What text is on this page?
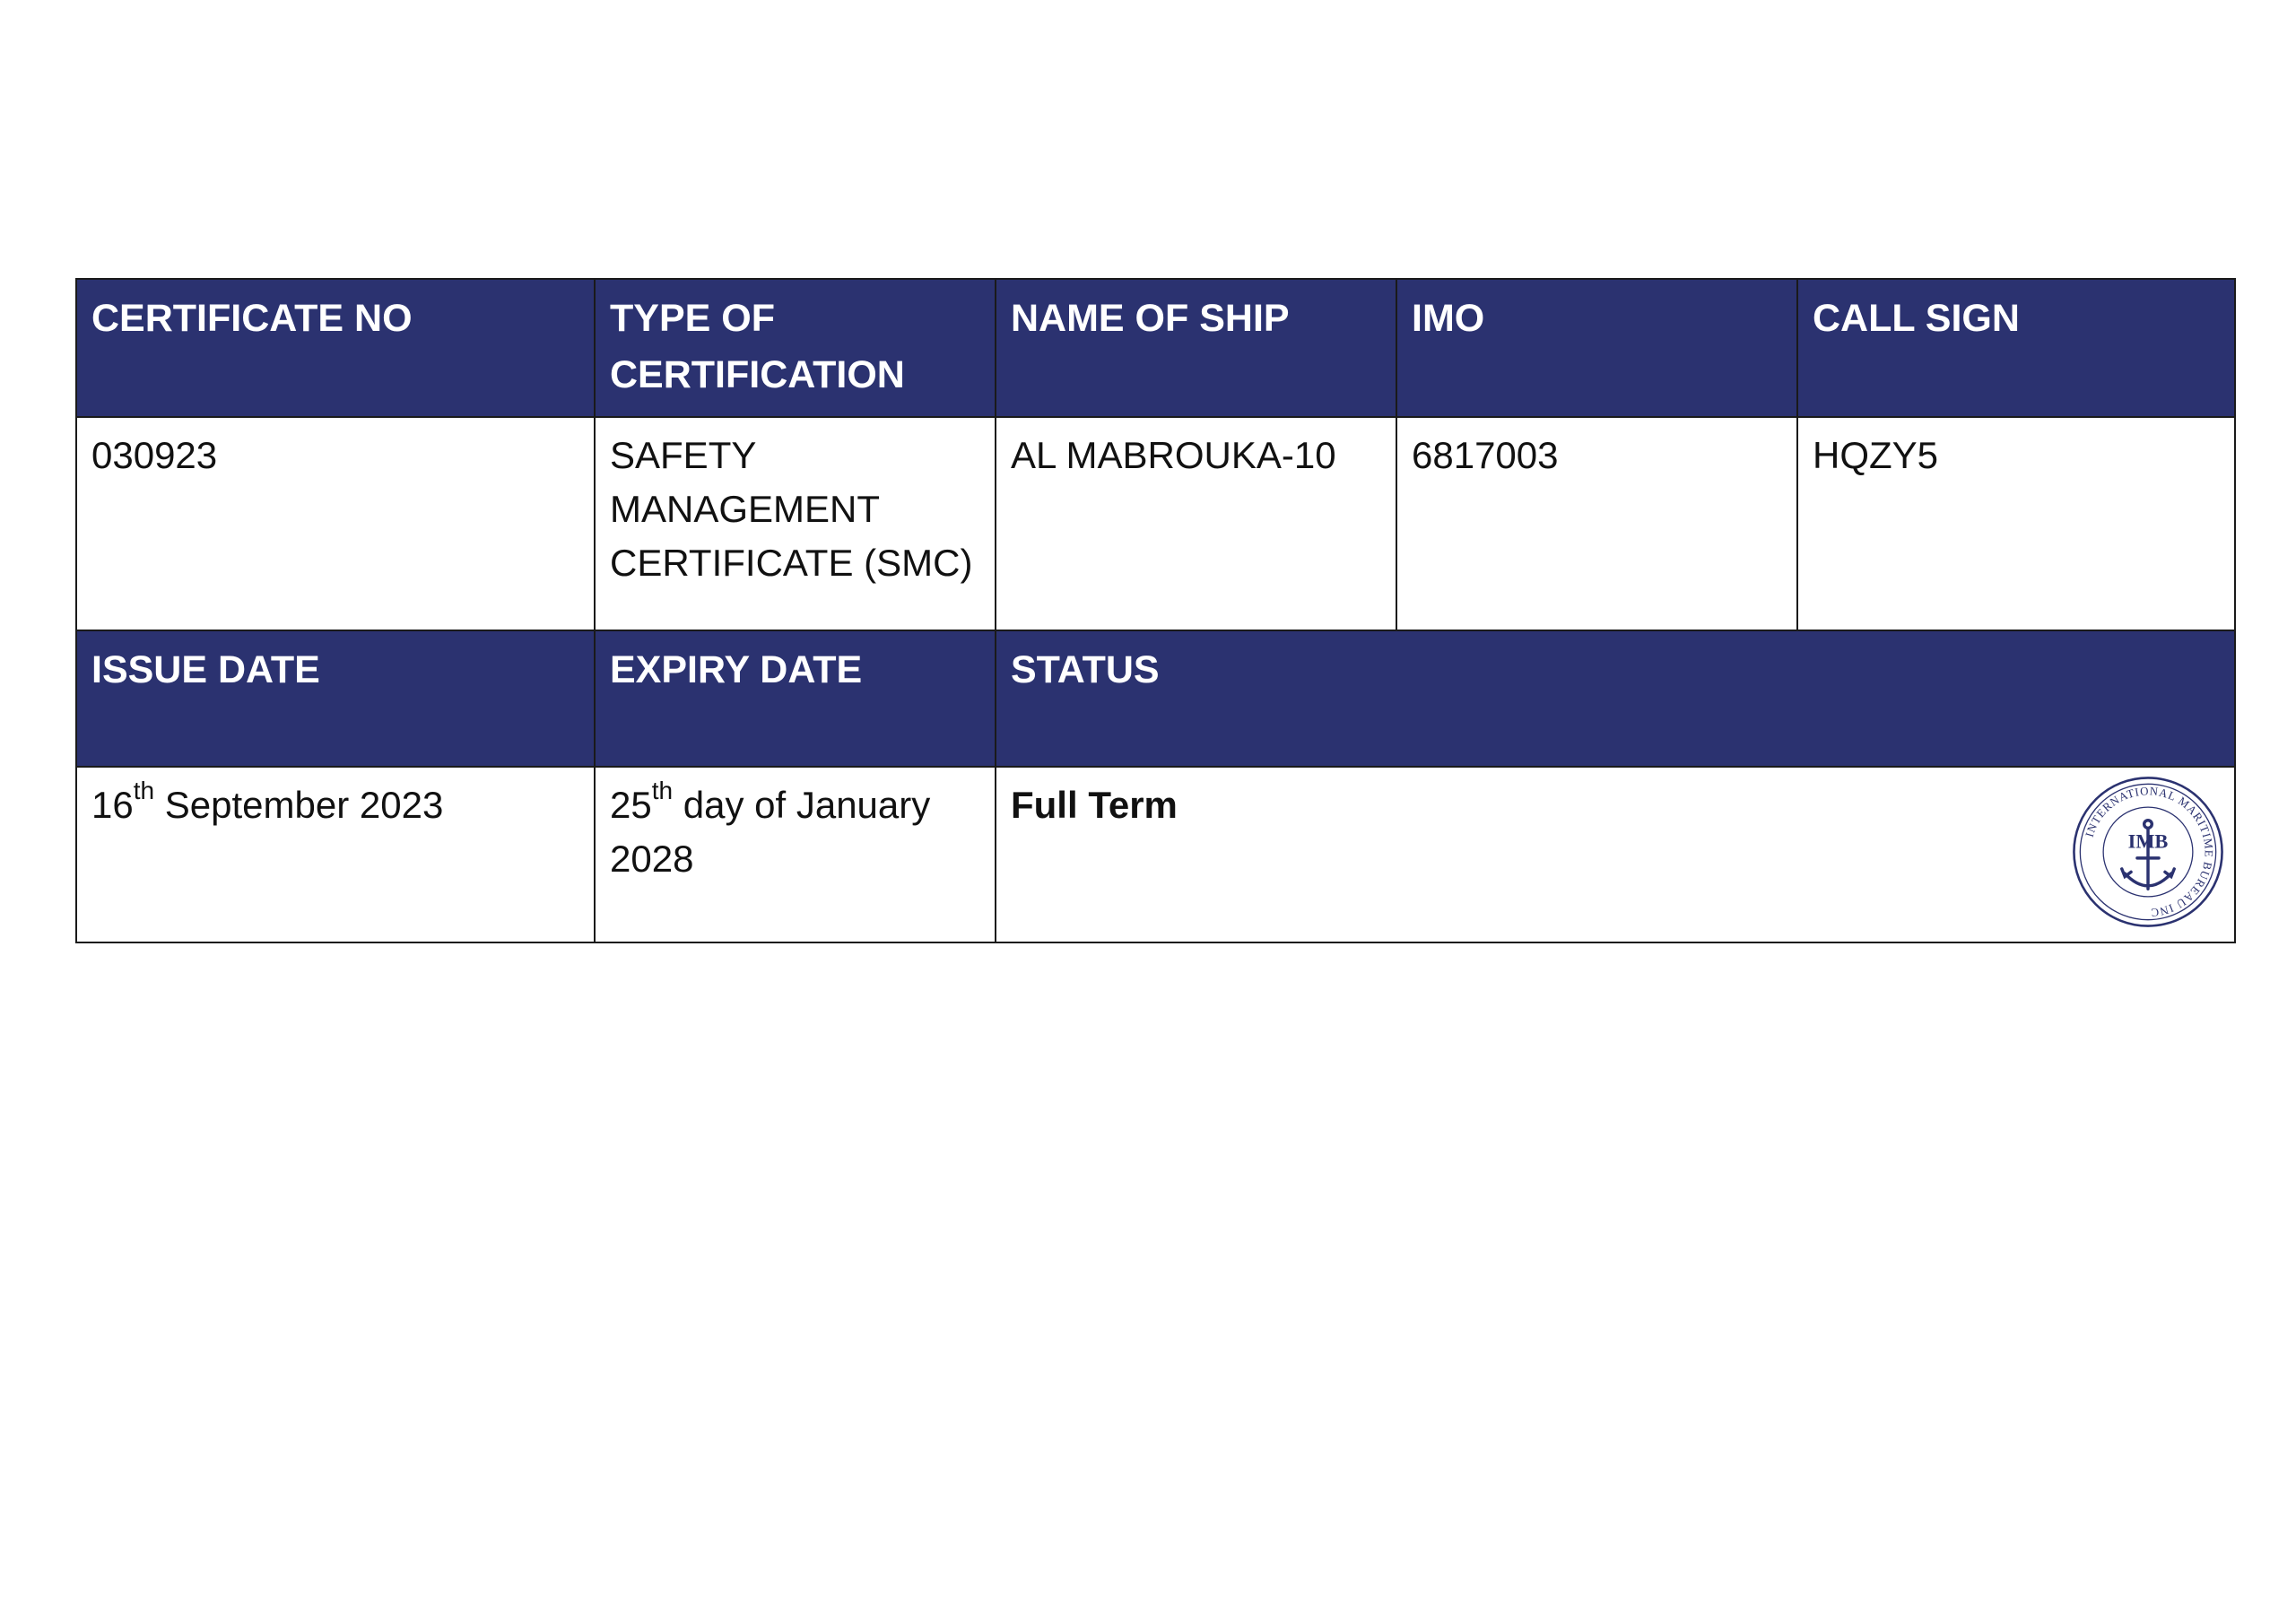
CERTIFICATE NO	TYPE OF CERTIFICATION	NAME OF SHIP	IMO	CALL SIGN
030923	SAFETY MANAGEMENT CERTIFICATE (SMC)	AL MABROUKA-10	6817003	HQZY5
ISSUE DATE	EXPIRY DATE	STATUS		
16th September 2023	25th day of January 2028	Full Term
INTERNATIONAL MARITIME BUREAU INC
IMB		
